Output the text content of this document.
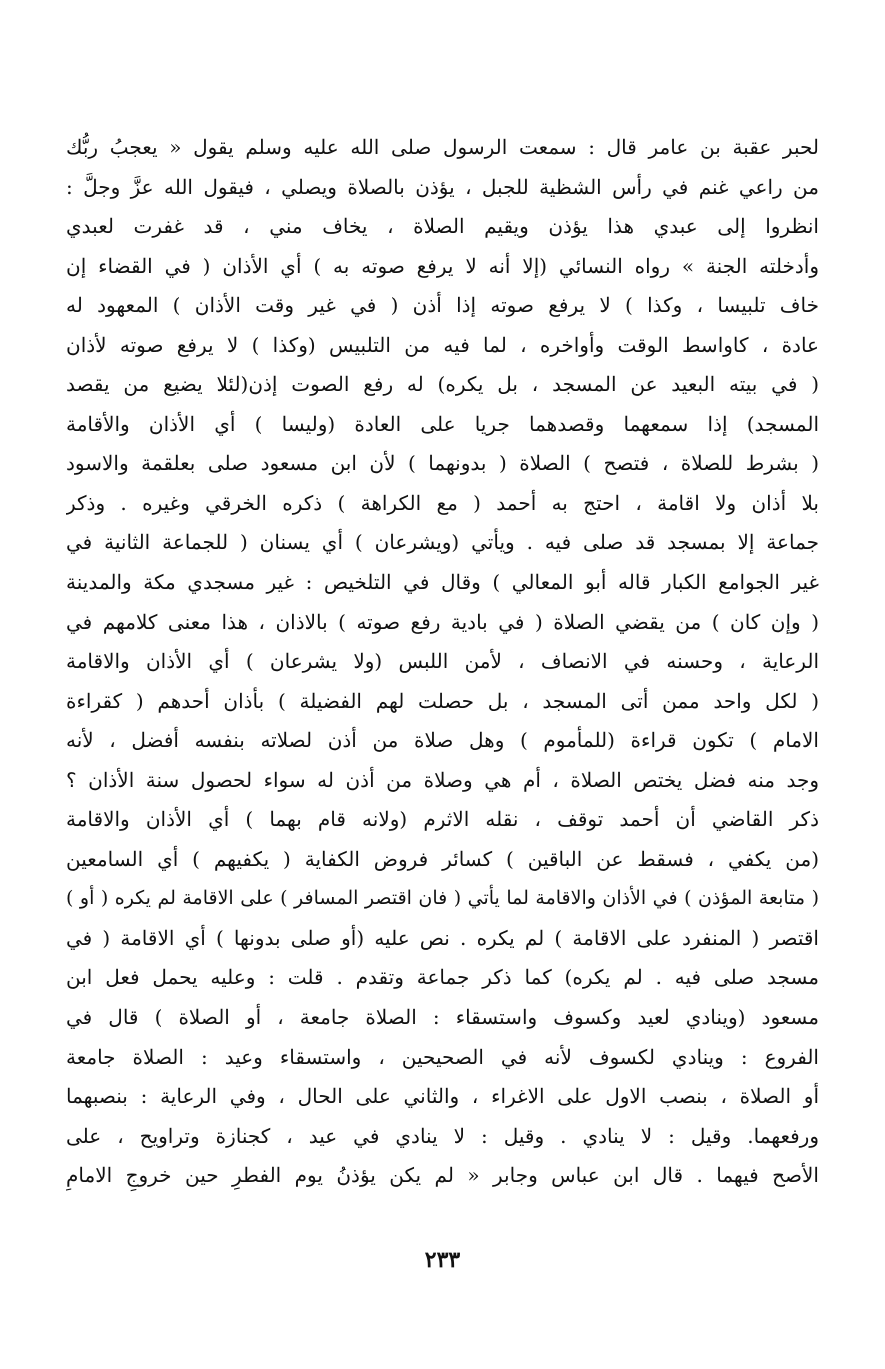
لحبر عقبة بن عامر قال : سمعت الرسول صلى الله عليه وسلم يقول « يعجبُ ربُّك
من راعي غنم في رأس الشظية للجبل ، يؤذن بالصلاة ويصلي ، فيقول الله عزَّ وجلَّ :
انظروا إلى عبدي هذا يؤذن ويقيم الصلاة ، يخاف مني ، قد غفرت لعبدي
وأدخلته الجنة » رواه النسائي (إلا أنه لا يرفع صوته به ) أي الأذان ( في القضاء إن
خاف تلبيسا ، وكذا ) لا يرفع صوته إذا أذن ( في غير وقت الأذان ) المعهود له
عادة ، كاواسط الوقت وأواخره ، لما فيه من التلبيس (وكذا ) لا يرفع صوته لأذان
( في بيته البعيد عن المسجد ، بل يكره) له رفع الصوت إذن(لئلا يضيع من يقصد
المسجد) إذا سمعهما وقصدهما جريا على العادة (وليسا ) أي الأذان والأقامة
( بشرط للصلاة ، فتصح ) الصلاة ( بدونهما ) لأن ابن مسعود صلى بعلقمة والاسود
بلا أذان ولا اقامة ، احتج به أحمد ( مع الكراهة ) ذكره الخرقي وغيره . وذكر
جماعة إلا بمسجد قد صلى فيه . ويأتي (ويشرعان ) أي يسنان ( للجماعة الثانية في
غير الجوامع الكبار قاله أبو المعالي ) وقال في التلخيص : غير مسجدي مكة والمدينة
( وإن كان ) من يقضي الصلاة ( في بادية رفع صوته ) بالاذان ، هذا معنى كلامهم في
الرعاية ، وحسنه في الانصاف ، لأمن اللبس (ولا يشرعان ) أي الأذان والاقامة
( لكل واحد ممن أتى المسجد ، بل حصلت لهم الفضيلة ) بأذان أحدهم ( كقراءة
الامام ) تكون قراءة (للمأموم ) وهل صلاة من أذن لصلاته بنفسه أفضل ، لأنه
وجد منه فضل يختص الصلاة ، أم هي وصلاة من أذن له سواء لحصول سنة الأذان ؟
ذكر القاضي أن أحمد توقف ، نقله الاثرم (ولانه قام بهما ) أي الأذان والاقامة
(من يكفي ، فسقط عن الباقين ) كسائر فروض الكفاية ( يكفيهم ) أي السامعين
( متابعة المؤذن ) في الأذان والاقامة لما يأتي ( فان اقتصر المسافر ) على الاقامة لم يكره ( أو )
اقتصر ( المنفرد على الاقامة ) لم يكره . نص عليه (أو صلى بدونها ) أي الاقامة ( في
مسجد صلى فيه . لم يكره) كما ذكر جماعة وتقدم . قلت : وعليه يحمل فعل ابن
مسعود (وينادي لعيد وكسوف واستسقاء : الصلاة جامعة ، أو الصلاة ) قال في
الفروع : وينادي لكسوف لأنه في الصحيحين ، واستسقاء وعيد : الصلاة جامعة
أو الصلاة ، بنصب الاول على الاغراء ، والثاني على الحال ، وفي الرعاية : بنصبهما
ورفعهما. وقيل : لا ينادي . وقيل : لا ينادي في عيد ، كجنازة وتراويح ، على
الأصح فيهما . قال ابن عباس وجابر « لم يكن يؤذنُ يوم الفطرِ حين خروجِ الامامِ
٢٣٣
